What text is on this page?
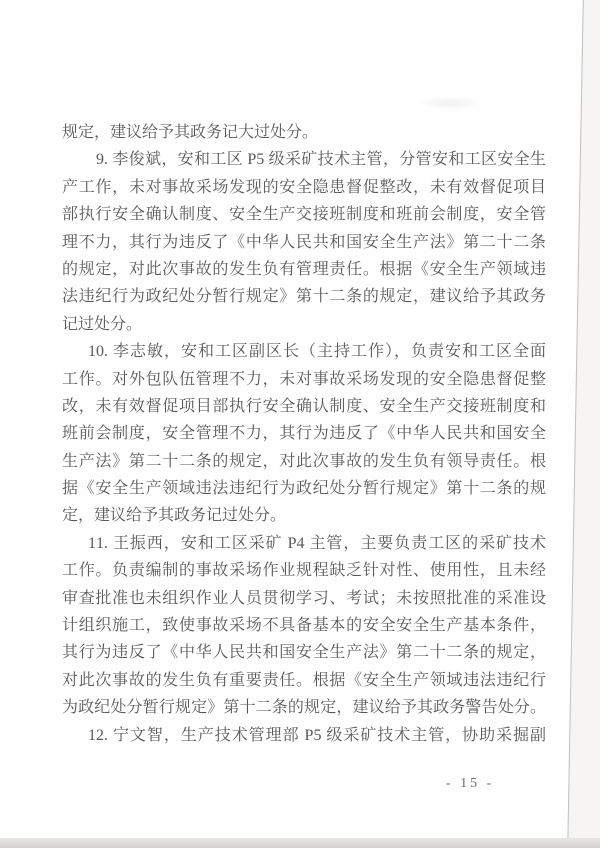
规定，建议给予其政务记大过处分。
9. 李俊斌，安和工区 P5 级采矿技术主管，分管安和工区安全生
产工作，未对事故采场发现的安全隐患督促整改，未有效督促项目
部执行安全确认制度、安全生产交接班制度和班前会制度，安全管
理不力，其行为违反了《中华人民共和国安全生产法》第二十二条
的规定，对此次事故的发生负有管理责任。根据《安全生产领域违
法违纪行为政纪处分暂行规定》第十二条的规定，建议给予其政务
记过处分。
10. 李志敏，安和工区副区长（主持工作），负责安和工区全面
工作。对外包队伍管理不力，未对事故采场发现的安全隐患督促整
改，未有效督促项目部执行安全确认制度、安全生产交接班制度和
班前会制度，安全管理不力，其行为违反了《中华人民共和国安全
生产法》第二十二条的规定，对此次事故的发生负有领导责任。根
据《安全生产领域违法违纪行为政纪处分暂行规定》第十二条的规
定，建议给予其政务记过处分。
11. 王振西，安和工区采矿 P4 主管，主要负责工区的采矿技术
工作。负责编制的事故采场作业规程缺乏针对性、使用性，且未经
审查批准也未组织作业人员贯彻学习、考试；未按照批准的采准设
计组织施工，致使事故采场不具备基本的安全安全生产基本条件，
其行为违反了《中华人民共和国安全生产法》第二十二条的规定，
对此次事故的发生负有重要责任。根据《安全生产领域违法违纪行
为政纪处分暂行规定》第十二条的规定，建议给予其政务警告处分。
12. 宁文智，生产技术管理部 P5 级采矿技术主管，协助采掘副
- 15 -
